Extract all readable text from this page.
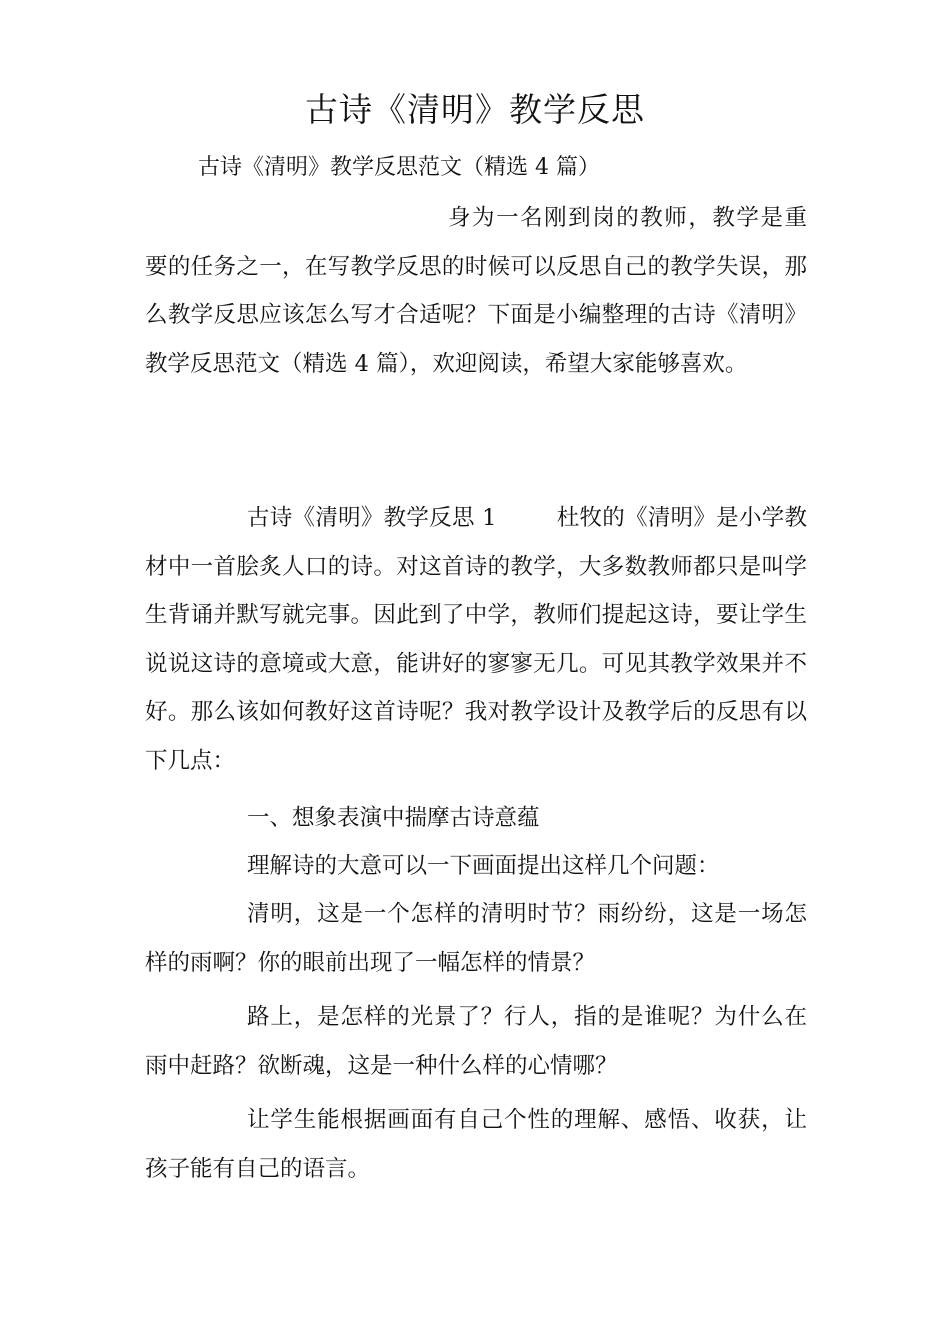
古诗《清明》教学反思
古诗《清明》教学反思范文（精选 4 篇）

身为一名刚到岗的教师，教学是重要的任务之一，在写教学反思的时候可以反思自己的教学失误，那么教学反思应该怎么写才合适呢？下面是小编整理的古诗《清明》教学反思范文（精选 4 篇），欢迎阅读，希望大家能够喜欢。

古诗《清明》教学反思 1	杜牧的《清明》是小学教材中一首脍炙人口的诗。对这首诗的教学，大多数教师都只是叫学生背诵并默写就完事。因此到了中学，教师们提起这诗，要让学生说说这诗的意境或大意，能讲好的寥寥无几。可见其教学效果并不好。那么该如何教好这首诗呢？我对教学设计及教学后的反思有以下几点：

一、想象表演中揣摩古诗意蕴

理解诗的大意可以一下画面提出这样几个问题：

清明，这是一个怎样的清明时节？雨纷纷，这是一场怎样的雨啊？你的眼前出现了一幅怎样的情景？

路上，是怎样的光景了？行人，指的是谁呢？为什么在雨中赶路？欲断魂，这是一种什么样的心情哪？

让学生能根据画面有自己个性的理解、感悟、收获，让孩子能有自己的语言。
